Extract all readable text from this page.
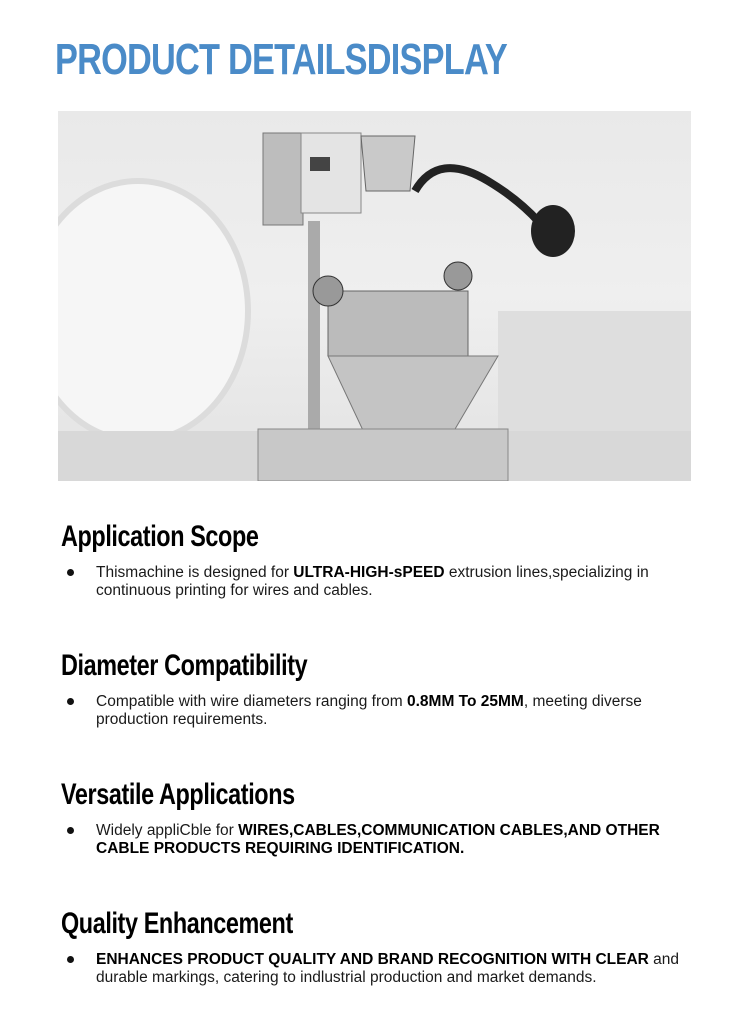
PRODUCT DETAILSDISPLAY
Application Scope
Thismachine is designed for ULTRA-HIGH-sPEED extrusion lines,specializing in continuous printing for wires and cables.
Diameter Compatibility
Compatible with wire diameters ranging from 0.8MM To 25MM, meeting diverse production requirements.
Versatile Applications
Widely appliCble for WIRES,CABLES,COMMUNICATION CABLES,AND OTHER CABLE PRODUCTS REQUIRING IDENTIFICATION.
Quality Enhancement
ENHANCES PRODUCT QUALITY AND BRAND RECOGNITION WITH CLEAR and durable markings, catering to indlustrial production and market demands.
